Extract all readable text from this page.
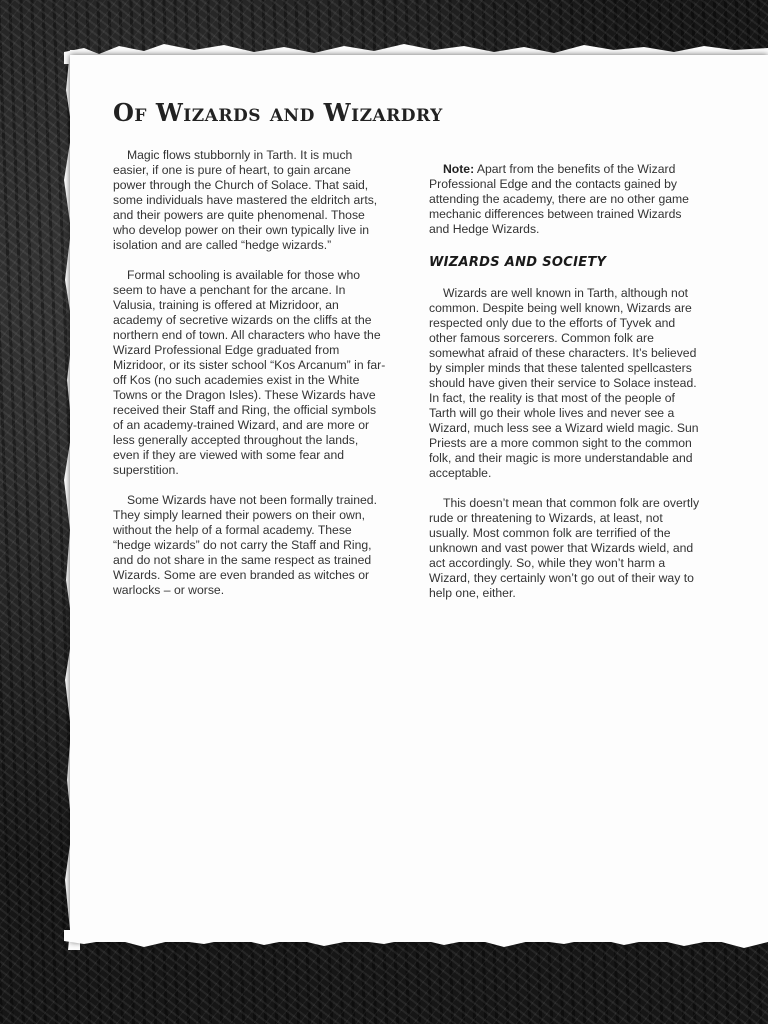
Of Wizards and Wizardry

Magic flows stubbornly in Tarth. It is much easier, if one is pure of heart, to gain arcane power through the Church of Solace. That said, some individuals have mastered the eldritch arts, and their powers are quite phenomenal. Those who develop power on their own typically live in isolation and are called “hedge wizards.”

Formal schooling is available for those who seem to have a penchant for the arcane. In Valusia, training is offered at Mizridoor, an academy of secretive wizards on the cliffs at the northern end of town. All characters who have the Wizard Professional Edge graduated from Mizridoor, or its sister school “Kos Arcanum” in far-off Kos (no such academies exist in the White Towns or the Dragon Isles). These Wizards have received their Staff and Ring, the official symbols of an academy-trained Wizard, and are more or less generally accepted throughout the lands, even if they are viewed with some fear and superstition.

Some Wizards have not been formally trained. They simply learned their powers on their own, without the help of a formal academy. These “hedge wizards” do not carry the Staff and Ring, and do not share in the same respect as trained Wizards. Some are even branded as witches or warlocks – or worse.

Note: Apart from the benefits of the Wizard Professional Edge and the contacts gained by attending the academy, there are no other game mechanic differences between trained Wizards and Hedge Wizards.

WIZARDS AND SOCIETY

Wizards are well known in Tarth, although not common. Despite being well known, Wizards are respected only due to the efforts of Tyvek and other famous sorcerers. Common folk are somewhat afraid of these characters. It’s believed by simpler minds that these talented spellcasters should have given their service to Solace instead. In fact, the reality is that most of the people of Tarth will go their whole lives and never see a Wizard, much less see a Wizard wield magic. Sun Priests are a more common sight to the common folk, and their magic is more understandable and acceptable.

This doesn’t mean that common folk are overtly rude or threatening to Wizards, at least, not usually. Most common folk are terrified of the unknown and vast power that Wizards wield, and act accordingly. So, while they won’t harm a Wizard, they certainly won’t go out of their way to help one, either.
